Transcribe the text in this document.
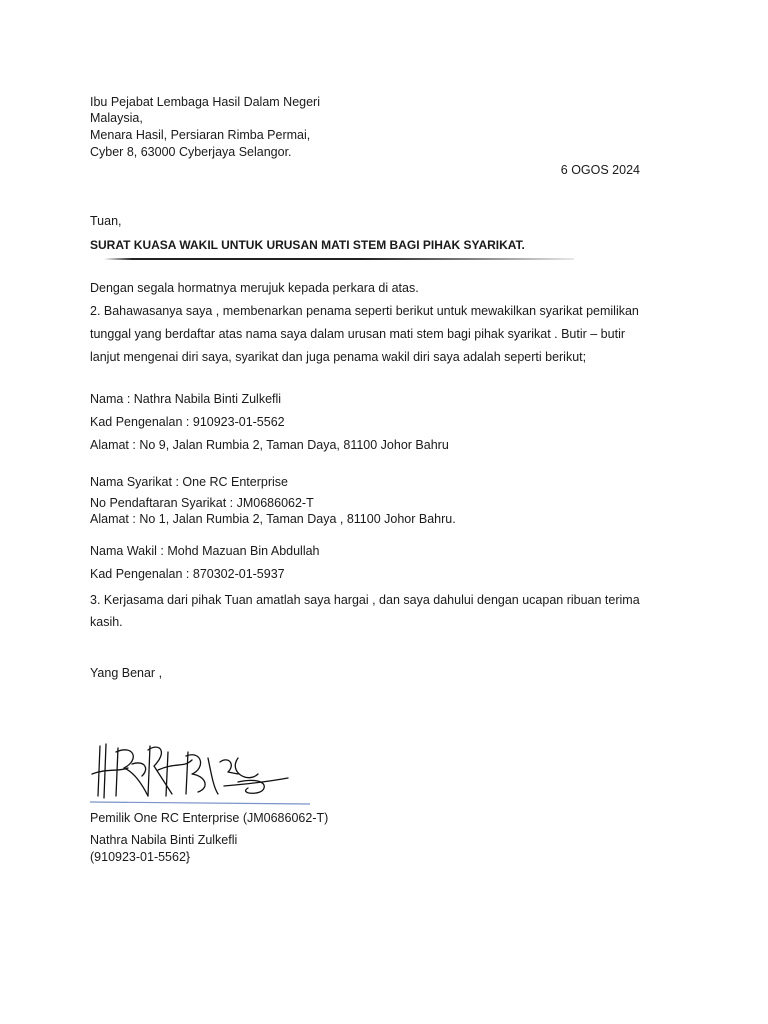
Ibu Pejabat Lembaga Hasil Dalam Negeri
Malaysia,
Menara Hasil, Persiaran Rimba Permai,
Cyber 8, 63000 Cyberjaya Selangor.
6 OGOS 2024
Tuan,
SURAT KUASA WAKIL UNTUK URUSAN MATI STEM BAGI PIHAK SYARIKAT.
Dengan segala hormatnya merujuk kepada perkara di atas.
2. Bahawasanya saya , membenarkan penama seperti berikut untuk mewakilkan syarikat pemilikan
tunggal yang berdaftar atas nama saya dalam urusan mati stem bagi pihak syarikat . Butir – butir
lanjut mengenai diri saya, syarikat dan juga penama wakil diri saya adalah seperti berikut;
Nama : Nathra Nabila Binti Zulkefli
Kad Pengenalan : 910923-01-5562
Alamat : No 9, Jalan Rumbia 2, Taman Daya, 81100 Johor Bahru
Nama Syarikat : One RC Enterprise
No Pendaftaran Syarikat : JM0686062-T
Alamat : No 1, Jalan Rumbia 2, Taman Daya , 81100 Johor Bahru.
Nama Wakil : Mohd Mazuan Bin Abdullah
Kad Pengenalan : 870302-01-5937
3. Kerjasama dari pihak Tuan amatlah saya hargai , dan saya dahului dengan ucapan ribuan terima
kasih.
Yang Benar ,
Pemilik One RC Enterprise (JM0686062-T)
Nathra Nabila Binti Zulkefli
(910923-01-5562}
